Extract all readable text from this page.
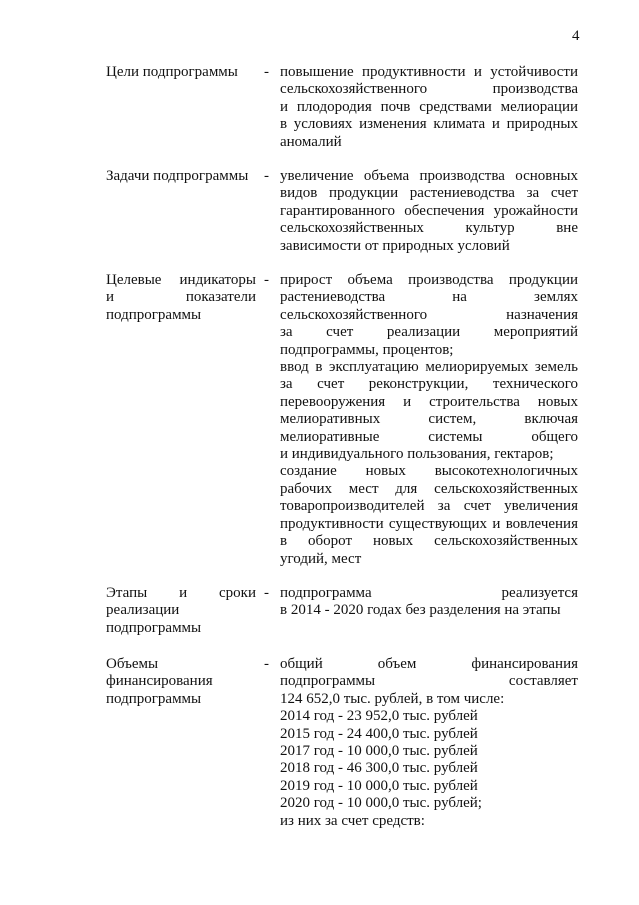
4
Цели подпрограммы	- повышение продуктивности и устойчивости
сельскохозяйственного производства
и плодородия почв средствами мелиорации
в условиях изменения климата и природных
аномалий
Задачи подпрограммы	- увеличение объема производства основных
видов продукции растениеводства за счет
гарантированного обеспечения урожайности
сельскохозяйственных культур вне
зависимости от природных условий
Целевые индикаторы
и показатели
подпрограммы
- прирост объема производства продукции
растениеводства на землях
сельскохозяйственного назначения
за счет реализации мероприятий
подпрограммы, процентов;
ввод в эксплуатацию мелиорируемых земель
за счет реконструкции, технического
перевооружения и строительства новых
мелиоративных систем, включая
мелиоративные системы общего
и индивидуального пользования, гектаров;
создание новых высокотехнологичных
рабочих мест для сельскохозяйственных
товаропроизводителей за счет увеличения
продуктивности существующих и вовлечения
в оборот новых сельскохозяйственных
угодий, мест
Этапы и сроки
реализации
подпрограммы
- подпрограмма реализуется
в 2014 - 2020 годах без разделения на этапы
Объемы
финансирования
подпрограммы
- общий объем финансирования
подпрограммы составляет
124 652,0 тыс. рублей, в том числе:
2014 год - 23 952,0 тыс. рублей
2015 год - 24 400,0 тыс. рублей
2017 год - 10 000,0 тыс. рублей
2018 год - 46 300,0 тыс. рублей
2019 год - 10 000,0 тыс. рублей
2020 год - 10 000,0 тыс. рублей;
из них за счет средств:
